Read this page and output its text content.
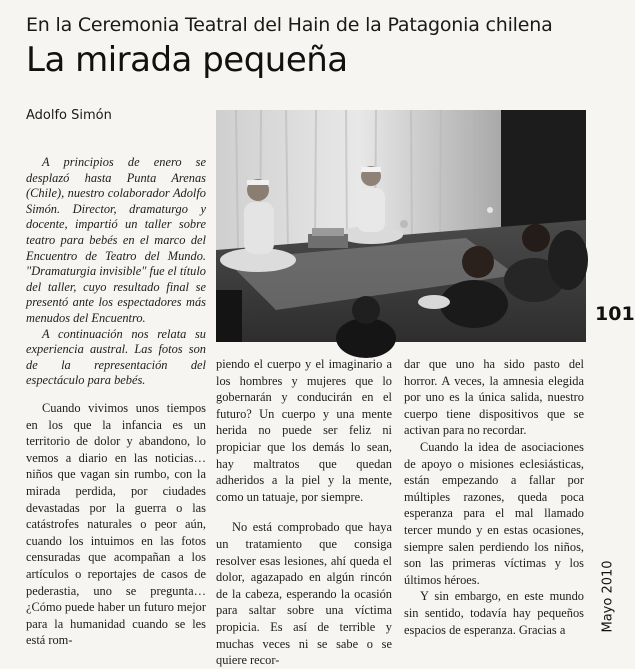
En la Ceremonia Teatral del Hain de la Patagonia chilena
La mirada pequeña
Adolfo Simón

A principios de enero se desplazó hasta Punta Arenas (Chile), nuestro colaborador Adolfo Simón. Director, dramaturgo y docente, impartió un taller sobre teatro para bebés en el marco del Encuentro de Teatro del Mundo. "Dramaturgia invisible" fue el título del taller, cuyo resultado final se presentó ante los espectadores más menudos del Encuentro.

A continuación nos relata su experiencia austral. Las fotos son de la representación del espectáculo para bebés.

Cuando vivimos unos tiempos en los que la infancia es un territorio de dolor y abandono, lo vemos a diario en las noticias… niños que vagan sin rumbo, con la mirada perdida, por ciudades devastadas por la guerra o las catástrofes naturales o peor aún, cuando los intuimos en las fotos censuradas que acompañan a los artículos o reportajes de casos de pederastia, uno se pregunta… ¿Cómo puede haber un futuro mejor para la humanidad cuando se les está rom-

piendo el cuerpo y el imaginario a los hombres y mujeres que lo gobernarán y conducirán en el futuro? Un cuerpo y una mente herida no puede ser feliz ni propiciar que los demás lo sean, hay maltratos que quedan adheridos a la piel y la mente, como un tatuaje, por siempre.

No está comprobado que haya un tratamiento que consiga resolver esas lesiones, ahí queda el dolor, agazapado en algún rincón de la cabeza, esperando la ocasión para saltar sobre una víctima propicia. Es así de terrible y muchas veces ni se sabe o se quiere recor-

dar que uno ha sido pasto del horror. A veces, la amnesia elegida por uno es la única salida, nuestro cuerpo tiene dispositivos que se activan para no recordar.

Cuando la idea de asociaciones de apoyo o misiones eclesiásticas, están empezando a fallar por múltiples razones, queda poca esperanza para el mal llamado tercer mundo y en estas ocasiones, siempre salen perdiendo los niños, son las primeras víctimas y los últimos héroes.

Y sin embargo, en este mundo sin sentido, todavía hay pequeños espacios de esperanza. Gracias a

101
Mayo 2010
